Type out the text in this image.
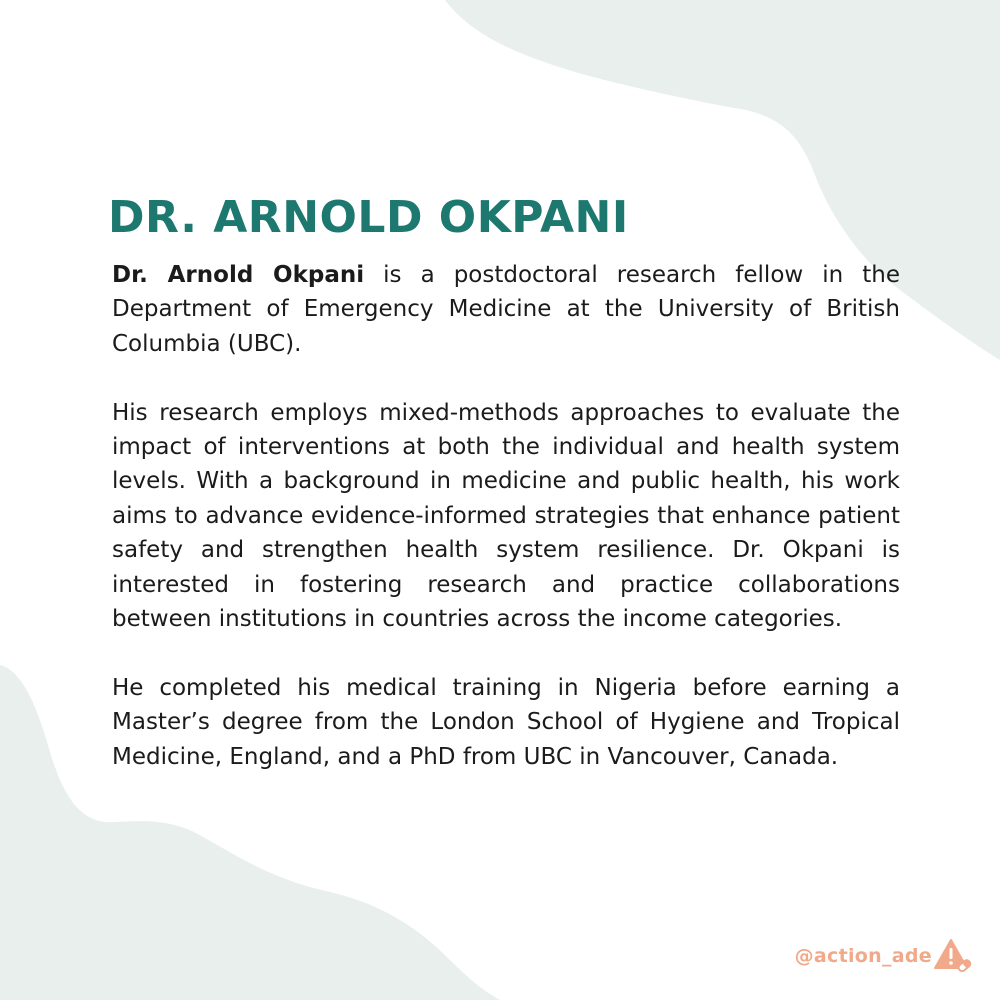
DR. ARNOLD OKPANI

Dr. Arnold Okpani is a postdoctoral research fellow in the Department of Emergency Medicine at the University of British Columbia (UBC).

His research employs mixed-methods approaches to evaluate the impact of interventions at both the individual and health system levels. With a background in medicine and public health, his work aims to advance evidence-informed strategies that enhance patient safety and strengthen health system resilience. Dr. Okpani is interested in fostering research and practice collaborations between institutions in countries across the income categories.

He completed his medical training in Nigeria before earning a Master’s degree from the London School of Hygiene and Tropical Medicine, England, and a PhD from UBC in Vancouver, Canada.

@action_ade
